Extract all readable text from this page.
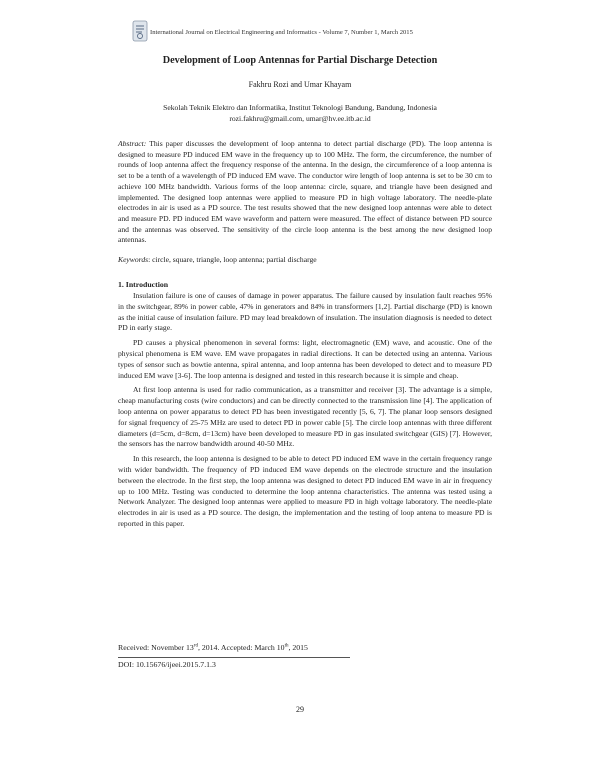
International Journal on Electrical Engineering and Informatics - Volume 7, Number 1, March 2015
Development of Loop Antennas for Partial Discharge Detection
Fakhru Rozi and Umar Khayam
Sekolah Teknik Elektro dan Informatika, Institut Teknologi Bandung, Bandung, Indonesia
rozi.fakhru@gmail.com, umar@hv.ee.itb.ac.id
Abstract: This paper discusses the development of loop antenna to detect partial discharge (PD). The loop antenna is designed to measure PD induced EM wave in the frequency up to 100 MHz. The form, the circumference, the number of rounds of loop antenna affect the frequency response of the antenna. In the design, the circumference of a loop antenna is set to be a tenth of a wavelength of PD induced EM wave. The conductor wire length of loop antenna is set to be 30 cm to achieve 100 MHz bandwidth. Various forms of the loop antenna: circle, square, and triangle have been designed and implemented. The designed loop antennas were applied to measure PD in high voltage laboratory. The needle-plate electrodes in air is used as a PD source. The test results showed that the new designed loop antennas were able to detect and measure PD. PD induced EM wave waveform and pattern were measured. The effect of distance between PD source and the antennas was observed. The sensitivity of the circle loop antenna is the best among the new designed loop antennas.
Keywords: circle, square, triangle, loop antenna; partial discharge
1. Introduction

Insulation failure is one of causes of damage in power apparatus. The failure caused by insulation fault reaches 95% in the switchgear, 89% in power cable, 47% in generators and 84% in transformers [1,2]. Partial discharge (PD) is known as the initial cause of insulation failure. PD may lead breakdown of insulation. The insulation diagnosis is needed to detect PD in early stage.

PD causes a physical phenomenon in several forms: light, electromagnetic (EM) wave, and acoustic. One of the physical phenomena is EM wave. EM wave propagates in radial directions. It can be detected using an antenna. Various types of sensor such as bowtie antenna, spiral antenna, and loop antenna has been developed to detect and to measure PD induced EM wave [3-6]. The loop antenna is designed and tested in this research because it is simple and cheap.

At first loop antenna is used for radio communication, as a transmitter and receiver [3]. The advantage is a simple, cheap manufacturing costs (wire conductors) and can be directly connected to the transmission line [4]. The application of loop antenna on power apparatus to detect PD has been investigated recently [5, 6, 7]. The planar loop sensors designed for signal frequency of 25-75 MHz are used to detect PD in power cable [5]. The circle loop antennas with three different diameters (d=5cm, d=8cm, d=13cm) have been developed to measure PD in gas insulated switchgear (GIS) [7]. However, the sensors has the narrow bandwidth around 40-50 MHz.

In this research, the loop antenna is designed to be able to detect PD induced EM wave in the certain frequency range with wider bandwidth. The frequency of PD induced EM wave depends on the electrode structure and the insulation between the electrode. In the first step, the loop antenna was designed to detect PD induced EM wave in air in frequency up to 100 MHz. Testing was conducted to determine the loop antenna characteristics. The antenna was tested using a Network Analyzer. The designed loop antennas were applied to measure PD in high voltage laboratory. The needle-plate electrodes in air is used as a PD source. The design, the implementation and the testing of loop antena to measure PD is reported in this paper.

Received: November 13rd, 2014. Accepted: March 10th, 2015
DOI: 10.15676/ijeei.2015.7.1.3
29
